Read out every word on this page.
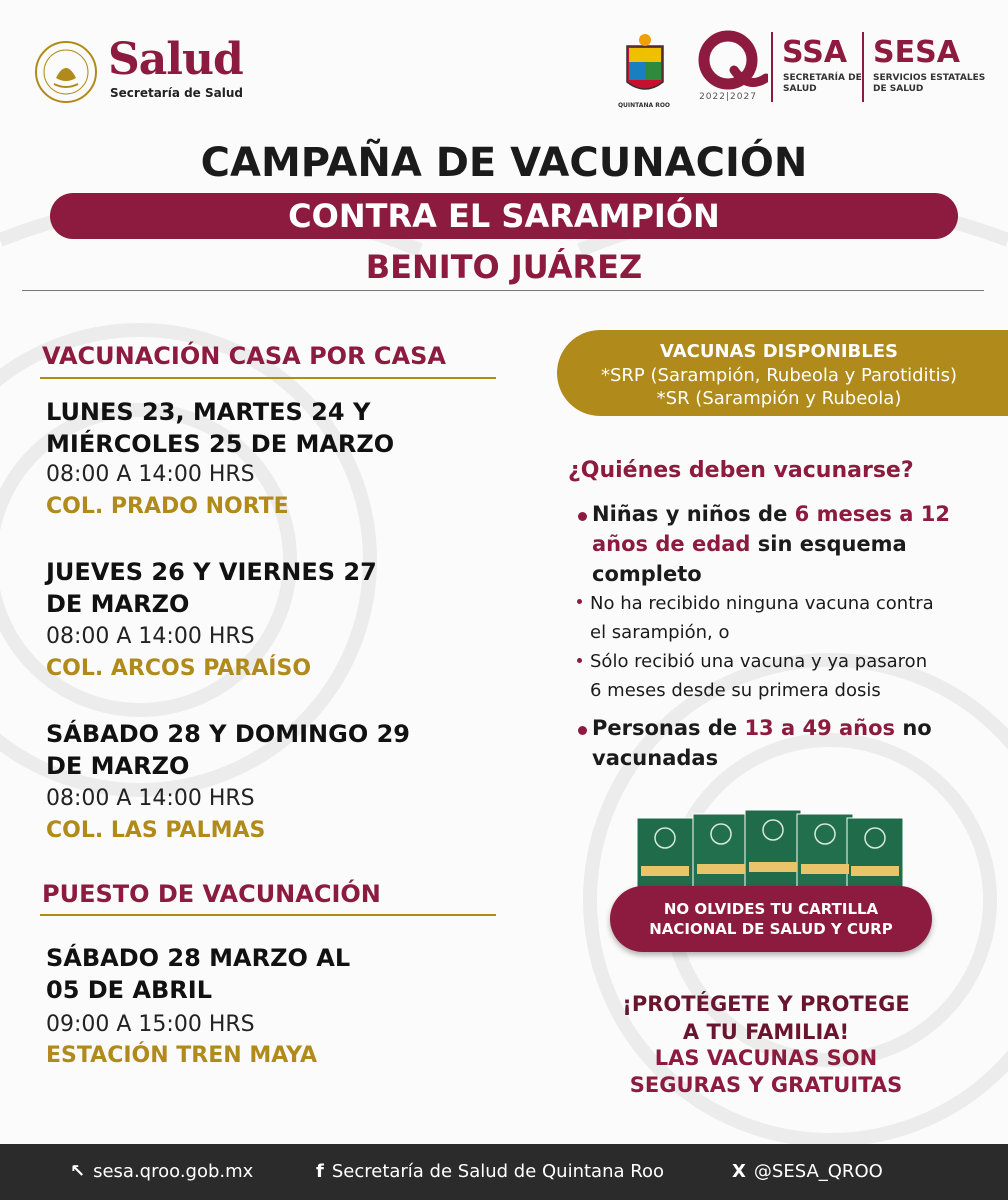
Salud
Secretaría de Salud
QUINTANA ROO
2022|2027
SSA
SECRETARÍA DE SALUD
SESA
SERVICIOS ESTATALES DE SALUD
CAMPAÑA DE VACUNACIÓN
CONTRA EL SARAMPIÓN
BENITO JUÁREZ
VACUNACIÓN CASA POR CASA
LUNES 23, MARTES 24 Y
MIÉRCOLES 25 DE MARZO
08:00 A 14:00 HRS
COL. PRADO NORTE
JUEVES 26 Y VIERNES 27
DE MARZO
08:00 A 14:00 HRS
COL. ARCOS PARAÍSO
SÁBADO 28 Y DOMINGO 29
DE MARZO
08:00 A 14:00 HRS
COL. LAS PALMAS
PUESTO DE VACUNACIÓN
SÁBADO 28 MARZO AL
05 DE ABRIL
09:00 A 15:00 HRS
ESTACIÓN TREN MAYA
VACUNAS DISPONIBLES
*SRP (Sarampión, Rubeola y Parotiditis)
*SR (Sarampión y Rubeola)
¿Quiénes deben vacunarse?
Niñas y niños de 6 meses a 12
años de edad sin esquema
completo
No ha recibido ninguna vacuna contra
el sarampión, o
Sólo recibió una vacuna y ya pasaron
6 meses desde su primera dosis
Personas de 13 a 49 años no
vacunadas
NO OLVIDES TU CARTILLA
NACIONAL DE SALUD Y CURP
¡PROTÉGETE Y PROTEGE
A TU FAMILIA!
LAS VACUNAS SON
SEGURAS Y GRATUITAS
↖ sesa.qroo.gob.mx	f Secretaría de Salud de Quintana Roo	X @SESA_QROO
